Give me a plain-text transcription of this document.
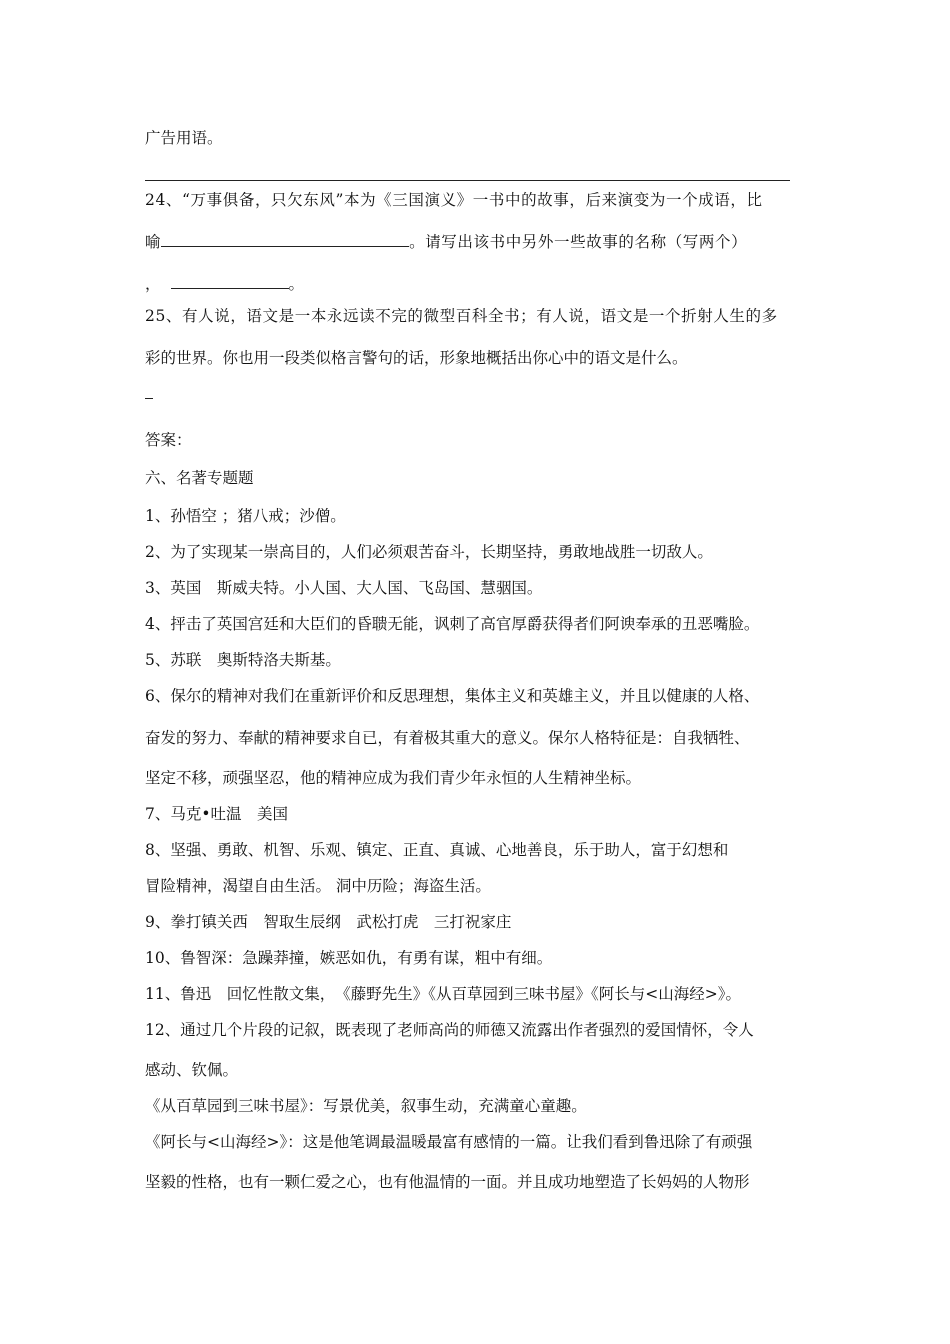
广告用语。
24、“万事俱备，只欠东风”本为《三国演义》一书中的故事，后来演变为一个成语，比
喻	。请写出该书中另外一些故事的名称（写两个）
，	。
25、有人说，语文是一本永远读不完的微型百科全书；有人说，语文是一个折射人生的多
彩的世界。你也用一段类似格言警句的话，形象地概括出你心中的语文是什么。
答案：
六、名著专题题
1、孙悟空 ；猪八戒；沙僧。
2、为了实现某一崇高目的，人们必须艰苦奋斗，长期坚持，勇敢地战胜一切敌人。
3、英国　斯威夫特。小人国、大人国、飞岛国、慧骃国。
4、抨击了英国宫廷和大臣们的昏聩无能，讽刺了高官厚爵获得者们阿谀奉承的丑恶嘴脸。
5、苏联　奥斯特洛夫斯基。
6、保尔的精神对我们在重新评价和反思理想，集体主义和英雄主义，并且以健康的人格、
奋发的努力、奉献的精神要求自已，有着极其重大的意义。保尔人格特征是：自我牺牲、
坚定不移，顽强坚忍，他的精神应成为我们青少年永恒的人生精神坐标。
7、马克•吐温　美国
8、坚强、勇敢、机智、乐观、镇定、正直、真诚、心地善良，乐于助人，富于幻想和
冒险精神，渴望自由生活。 洞中历险；海盗生活。
9、拳打镇关西　智取生辰纲　武松打虎　三打祝家庄
10、鲁智深：急躁莽撞，嫉恶如仇，有勇有谋，粗中有细。
11、鲁迅　回忆性散文集，　《藤野先生》《从百草园到三味书屋》《阿长与<山海经>》。
12、通过几个片段的记叙，既表现了老师高尚的师德又流露出作者强烈的爱国情怀，令人
感动、钦佩。
《从百草园到三味书屋》：写景优美，叙事生动，充满童心童趣。
《阿长与<山海经>》：这是他笔调最温暖最富有感情的一篇。让我们看到鲁迅除了有顽强
坚毅的性格，也有一颗仁爱之心，也有他温情的一面。并且成功地塑造了长妈妈的人物形
